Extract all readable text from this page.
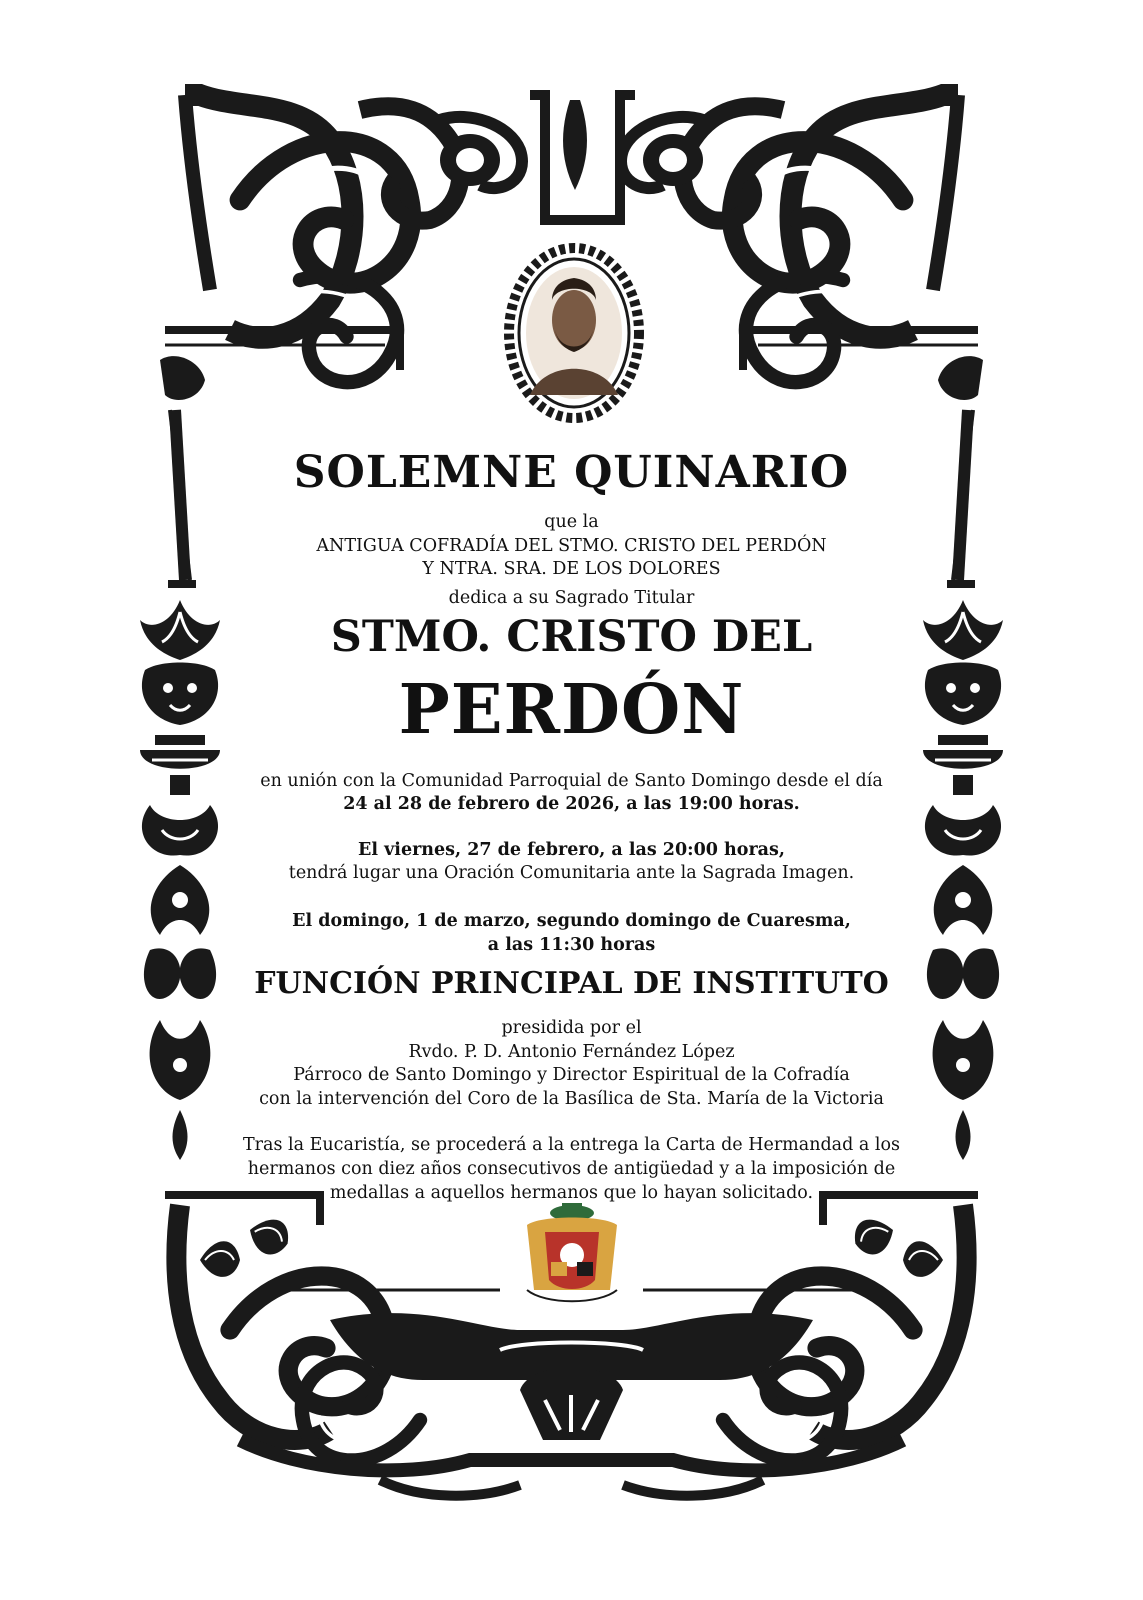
SOLEMNE QUINARIO

que la

ANTIGUA COFRADÍA DEL STMO. CRISTO DEL PERDÓN

Y NTRA. SRA. DE LOS DOLORES

dedica a su Sagrado Titular

STMO. CRISTO DEL

PERDÓN

en unión con la Comunidad Parroquial de Santo Domingo desde el día

24 al 28 de febrero de 2026, a las 19:00 horas.

El viernes, 27 de febrero, a las 20:00 horas,

tendrá lugar una Oración Comunitaria ante la Sagrada Imagen.

El domingo, 1 de marzo, segundo domingo de Cuaresma,

a las 11:30 horas

FUNCIÓN PRINCIPAL DE INSTITUTO

presidida por el

Rvdo. P. D. Antonio Fernández López

Párroco de Santo Domingo y Director Espiritual de la Cofradía

con la intervención del Coro de la Basílica de Sta. María de la Victoria

Tras la Eucaristía, se procederá a la entrega la Carta de Hermandad a los

hermanos con diez años consecutivos de antigüedad y a la imposición de

medallas a aquellos hermanos que lo hayan solicitado.
